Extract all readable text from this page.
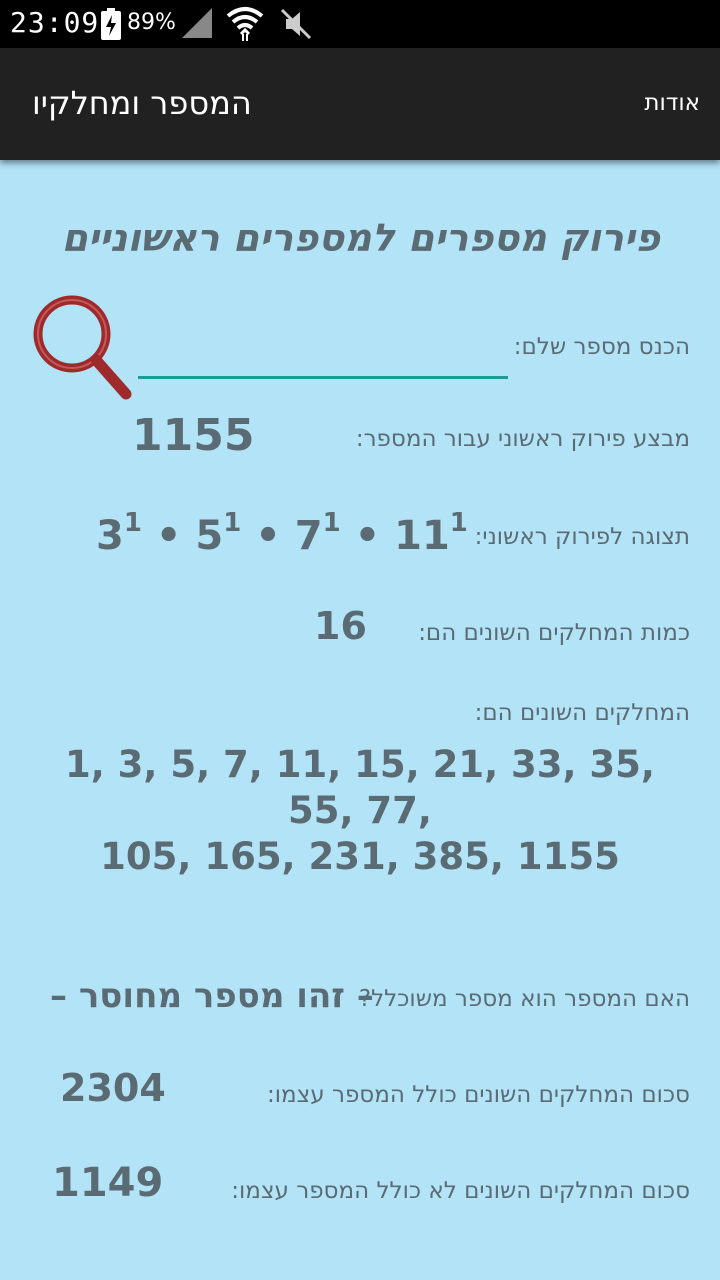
23:09 89%
המספר ומחלקיו	אודות
פירוק מספרים למספרים ראשוניים
הכנס מספר שלם:
מבצע פירוק ראשוני עבור המספר:
1155
תצוגה לפירוק ראשוני:
$3^1$ • $5^1$ • $7^1$ • $11^1$
כמות המחלקים השונים הם:
16
המחלקים השונים הם:
1, 3, 5, 7, 11, 15, 21, 33, 35, 55, 77,
105, 165, 231, 385, 1155
האם המספר הוא מספר משוכלל?
– זהו מספר מחוסר –
סכום המחלקים השונים כולל המספר עצמו:
2304
סכום המחלקים השונים לא כולל המספר עצמו:
1149
